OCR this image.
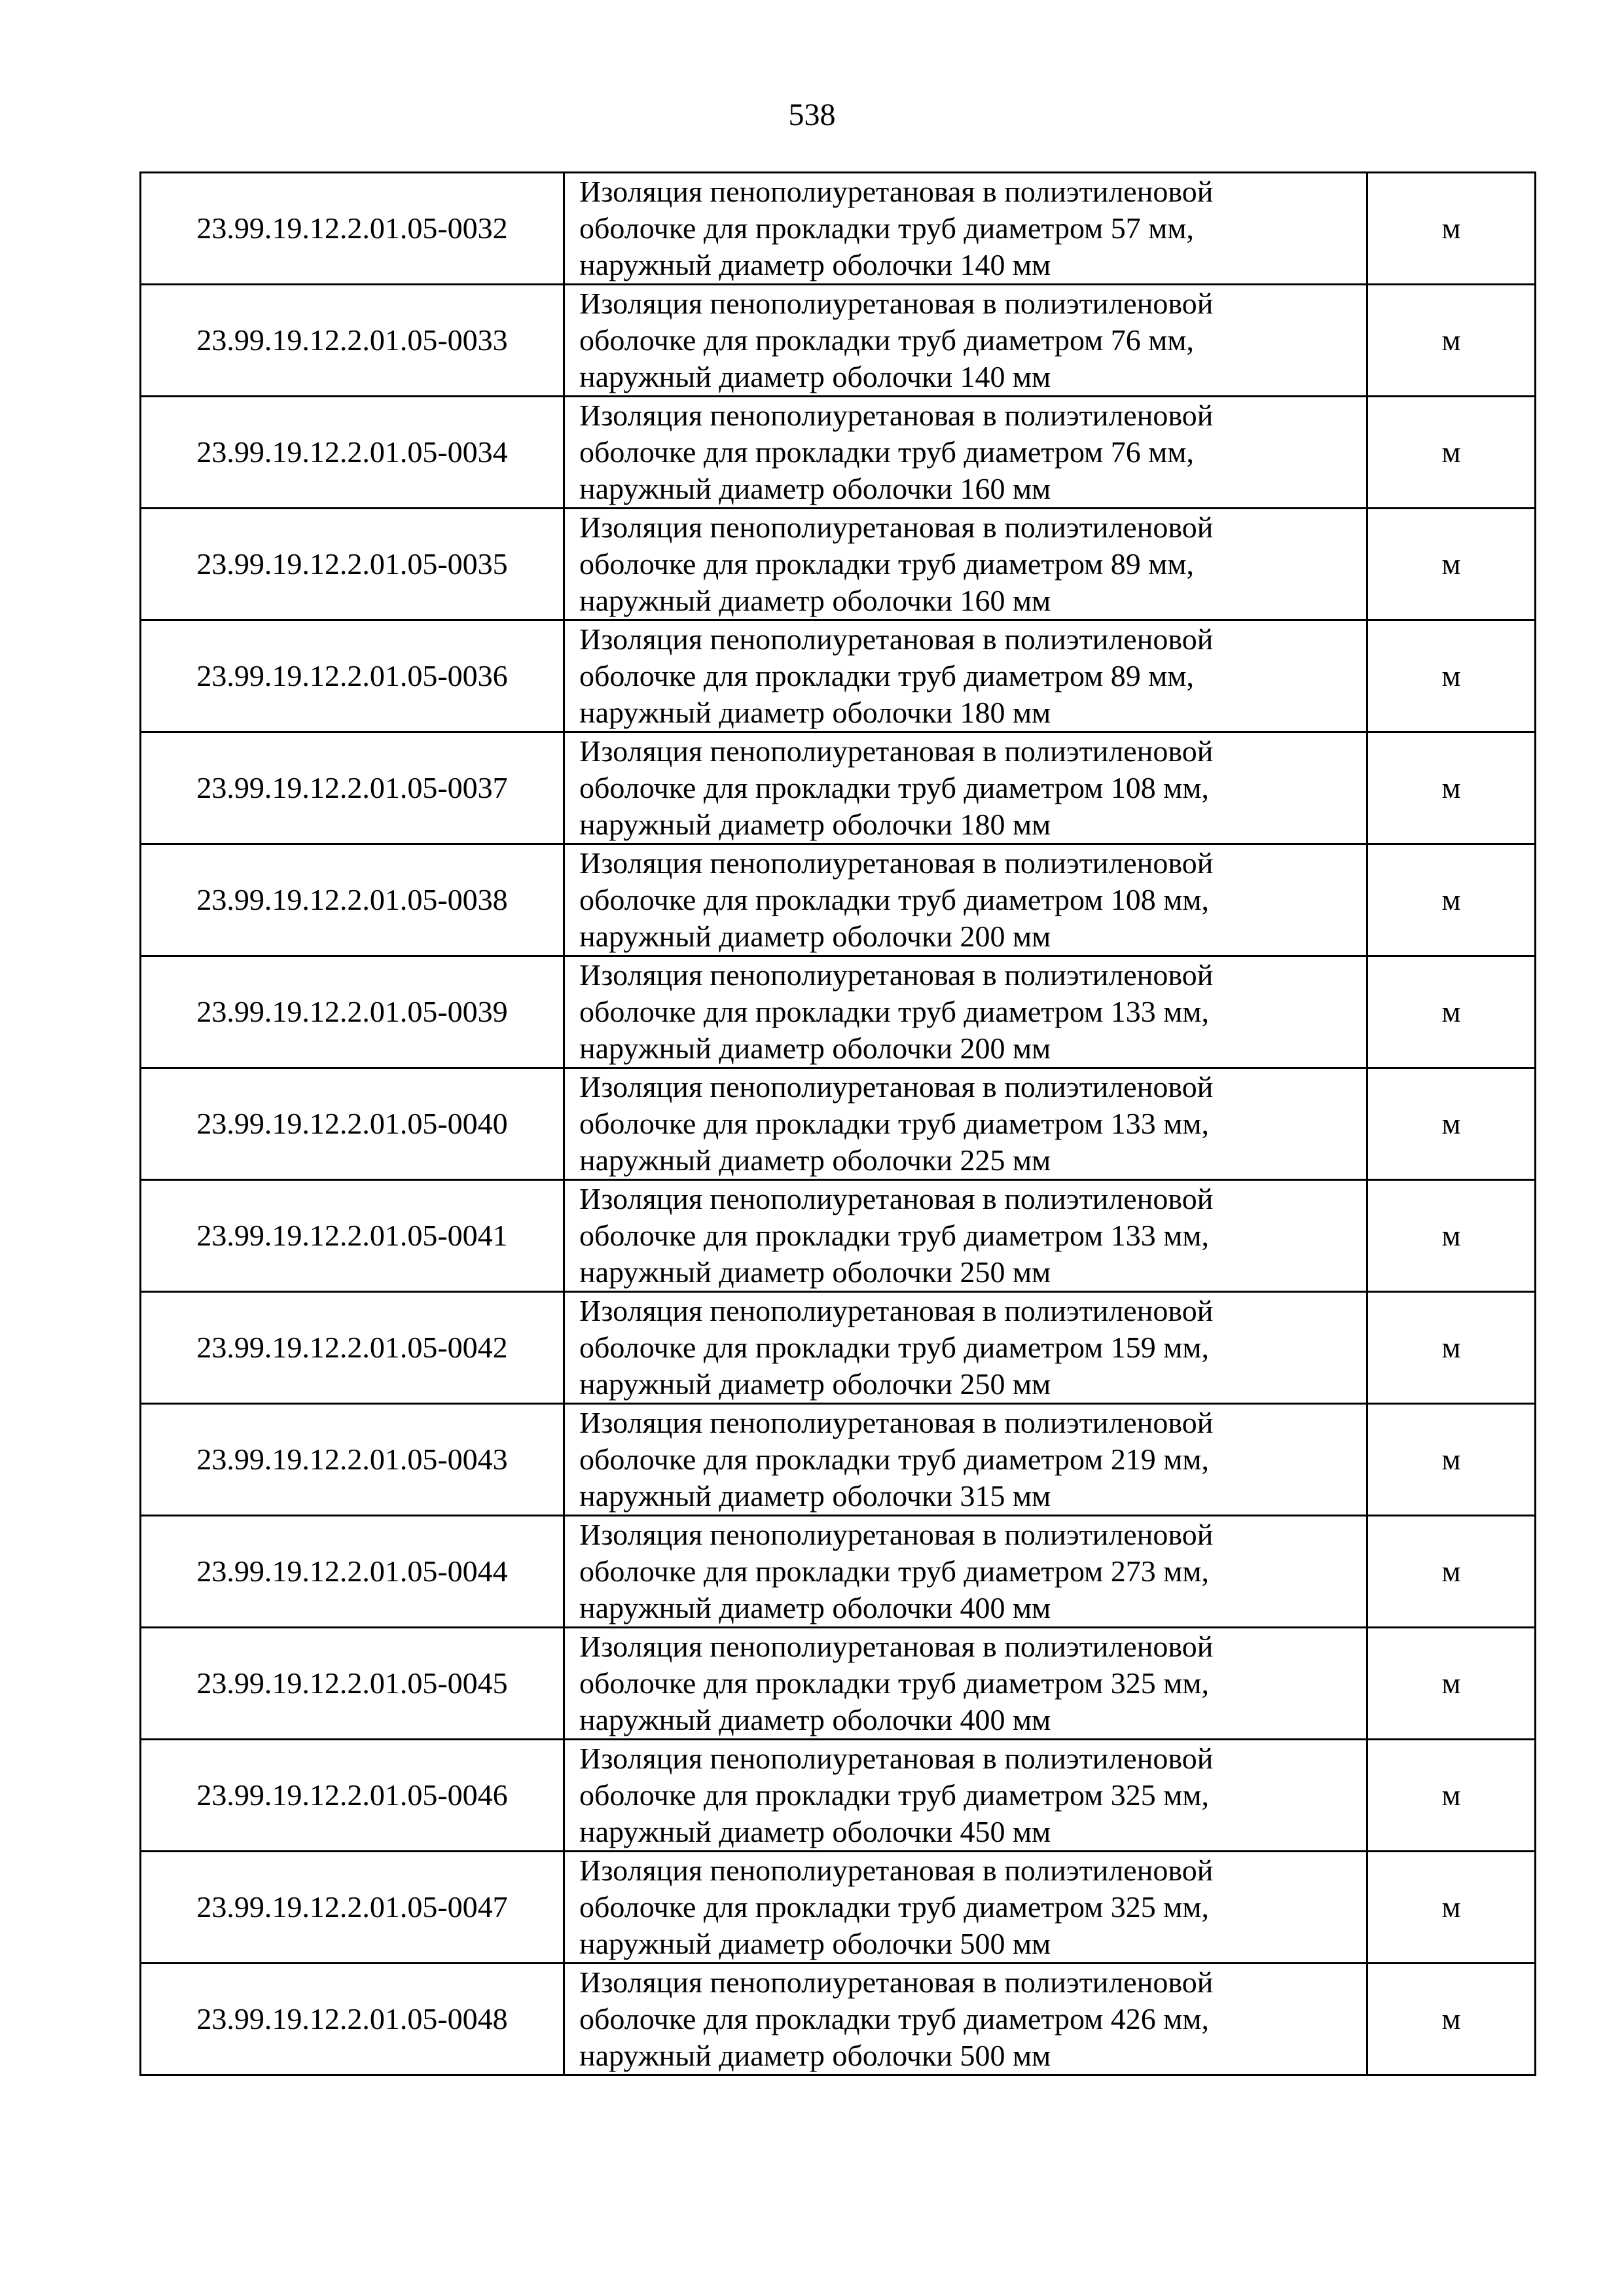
538
23.99.19.12.2.01.05-0032	Изоляция пенополиуретановая в полиэтиленовой
оболочке для прокладки труб диаметром 57 мм,
наружный диаметр оболочки 140 мм	м
23.99.19.12.2.01.05-0033	Изоляция пенополиуретановая в полиэтиленовой
оболочке для прокладки труб диаметром 76 мм,
наружный диаметр оболочки 140 мм	м
23.99.19.12.2.01.05-0034	Изоляция пенополиуретановая в полиэтиленовой
оболочке для прокладки труб диаметром 76 мм,
наружный диаметр оболочки 160 мм	м
23.99.19.12.2.01.05-0035	Изоляция пенополиуретановая в полиэтиленовой
оболочке для прокладки труб диаметром 89 мм,
наружный диаметр оболочки 160 мм	м
23.99.19.12.2.01.05-0036	Изоляция пенополиуретановая в полиэтиленовой
оболочке для прокладки труб диаметром 89 мм,
наружный диаметр оболочки 180 мм	м
23.99.19.12.2.01.05-0037	Изоляция пенополиуретановая в полиэтиленовой
оболочке для прокладки труб диаметром 108 мм,
наружный диаметр оболочки 180 мм	м
23.99.19.12.2.01.05-0038	Изоляция пенополиуретановая в полиэтиленовой
оболочке для прокладки труб диаметром 108 мм,
наружный диаметр оболочки 200 мм	м
23.99.19.12.2.01.05-0039	Изоляция пенополиуретановая в полиэтиленовой
оболочке для прокладки труб диаметром 133 мм,
наружный диаметр оболочки 200 мм	м
23.99.19.12.2.01.05-0040	Изоляция пенополиуретановая в полиэтиленовой
оболочке для прокладки труб диаметром 133 мм,
наружный диаметр оболочки 225 мм	м
23.99.19.12.2.01.05-0041	Изоляция пенополиуретановая в полиэтиленовой
оболочке для прокладки труб диаметром 133 мм,
наружный диаметр оболочки 250 мм	м
23.99.19.12.2.01.05-0042	Изоляция пенополиуретановая в полиэтиленовой
оболочке для прокладки труб диаметром 159 мм,
наружный диаметр оболочки 250 мм	м
23.99.19.12.2.01.05-0043	Изоляция пенополиуретановая в полиэтиленовой
оболочке для прокладки труб диаметром 219 мм,
наружный диаметр оболочки 315 мм	м
23.99.19.12.2.01.05-0044	Изоляция пенополиуретановая в полиэтиленовой
оболочке для прокладки труб диаметром 273 мм,
наружный диаметр оболочки 400 мм	м
23.99.19.12.2.01.05-0045	Изоляция пенополиуретановая в полиэтиленовой
оболочке для прокладки труб диаметром 325 мм,
наружный диаметр оболочки 400 мм	м
23.99.19.12.2.01.05-0046	Изоляция пенополиуретановая в полиэтиленовой
оболочке для прокладки труб диаметром 325 мм,
наружный диаметр оболочки 450 мм	м
23.99.19.12.2.01.05-0047	Изоляция пенополиуретановая в полиэтиленовой
оболочке для прокладки труб диаметром 325 мм,
наружный диаметр оболочки 500 мм	м
23.99.19.12.2.01.05-0048	Изоляция пенополиуретановая в полиэтиленовой
оболочке для прокладки труб диаметром 426 мм,
наружный диаметр оболочки 500 мм	м
